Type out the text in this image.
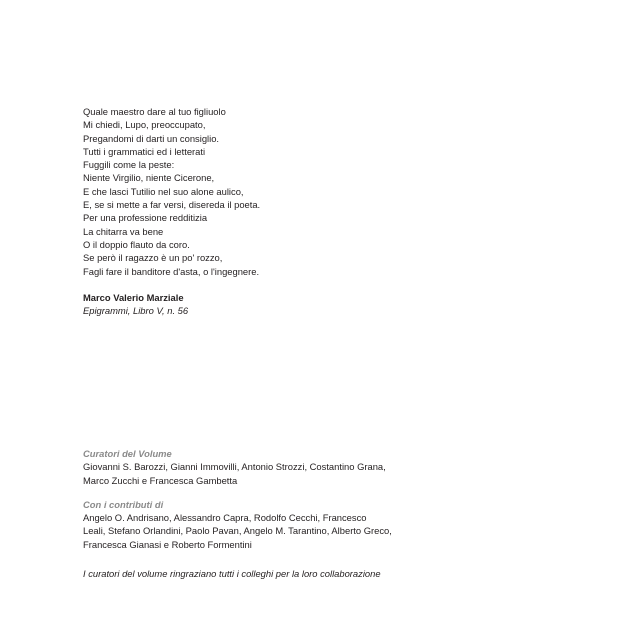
Quale maestro dare al tuo figliuolo
Mi chiedi, Lupo, preoccupato,
Pregandomi di darti un consiglio.
Tutti i grammatici ed i letterati
Fuggili come la peste:
Niente Virgilio, niente Cicerone,
E che lasci Tutilio nel suo alone aulico,
E, se si mette a far versi, disereda il poeta.
Per una professione redditizia
La chitarra va bene
O il doppio flauto da coro.
Se però il ragazzo è un po' rozzo,
Fagli fare il banditore d'asta, o l'ingegnere.
Marco Valerio Marziale
Epigrammi, Libro V, n. 56
Curatori del Volume
Giovanni S. Barozzi, Gianni Immovilli, Antonio Strozzi, Costantino Grana,
Marco Zucchi e Francesca Gambetta
Con i contributi di
Angelo O. Andrisano, Alessandro Capra, Rodolfo Cecchi, Francesco
Leali, Stefano Orlandini, Paolo Pavan, Angelo M. Tarantino, Alberto Greco,
Francesca Gianasi e Roberto Formentini
I curatori del volume ringraziano tutti i colleghi per la loro collaborazione
